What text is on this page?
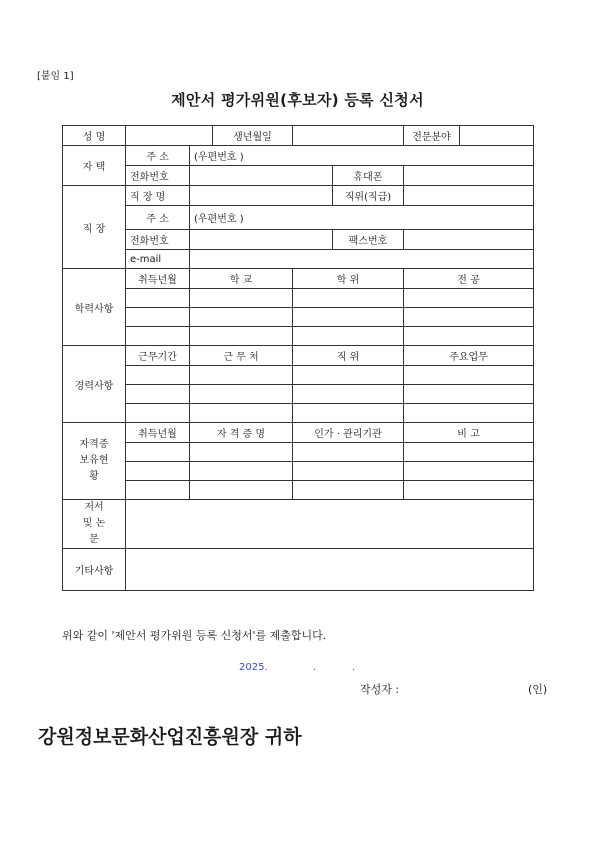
[붙임 1]
제안서 평가위원(후보자) 등록 신청서
성 명			생년월일			전문분야	
자 택	주 소	(우편번호 )					
	전화번호				휴대폰		
직 장	직 장 명				직위(직급)		
	주 소	(우편번호 )					
	전화번호				팩스번호		
	e-mail						
학력사항	취득년월	학 교		학 위		전 공	

경력사항	근무기간	근 무 처		직 위		주요업무	

자격증 보유현황	취득년월	자 격 증 명		인가 · 관리기관		비 고	

저서 및 논문							
기타사항							
위와 같이 '제안서 평가위원 등록 신청서'를 제출합니다.
2025.	.	.
작성자 :	(인)
강원정보문화산업진흥원장 귀하
